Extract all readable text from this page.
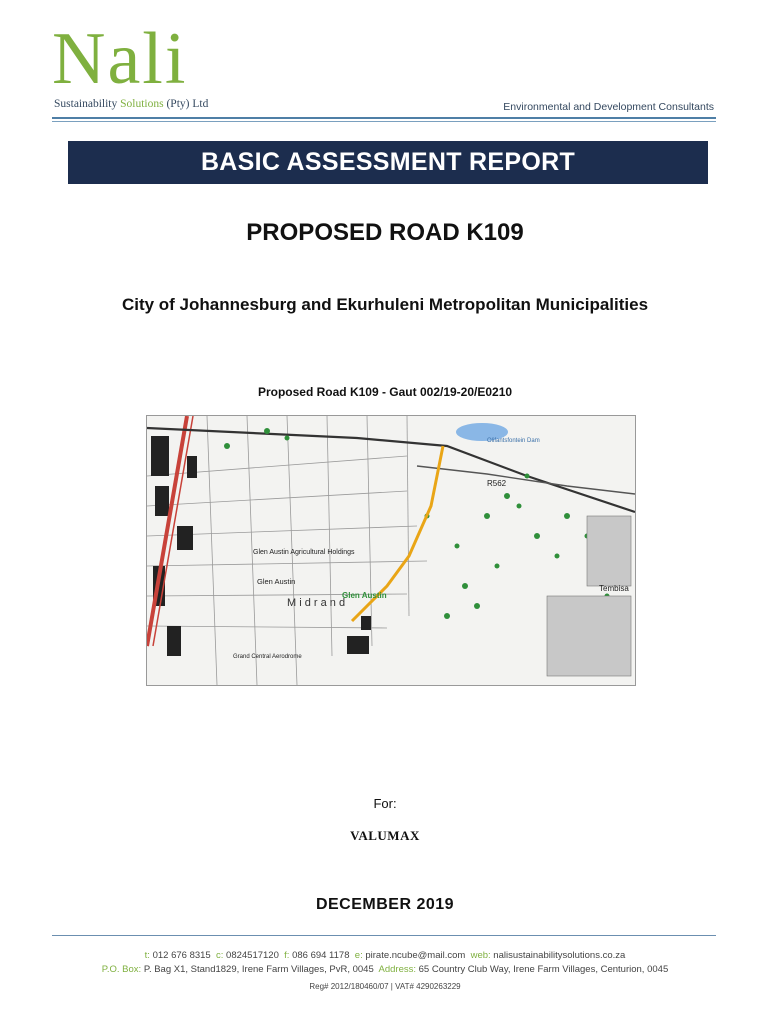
Nali
Sustainability Solutions (Pty) Ltd	Environmental and Development Consultants
BASIC ASSESSMENT REPORT
PROPOSED ROAD K109
City of Johannesburg and Ekurhuleni Metropolitan Municipalities
Proposed Road K109 - Gaut 002/19-20/E0210
Olifantsfontein Dam
R562
Glen Austin Agricultural Holdings
Glen Austin
Glen Austin
Tembisa
M i d r a n d
Grand Central Aerodrome
For:
VALUMAX
DECEMBER 2019
t: 012 676 8315 c: 0824517120 f: 086 694 1178 e: pirate.ncube@mail.com web: nalisustainabilitysolutions.co.za
P.O. Box: P. Bag X1, Stand1829, Irene Farm Villages, PvR, 0045 Address: 65 Country Club Way, Irene Farm Villages, Centurion, 0045
Reg# 2012/180460/07 | VAT# 4290263229
